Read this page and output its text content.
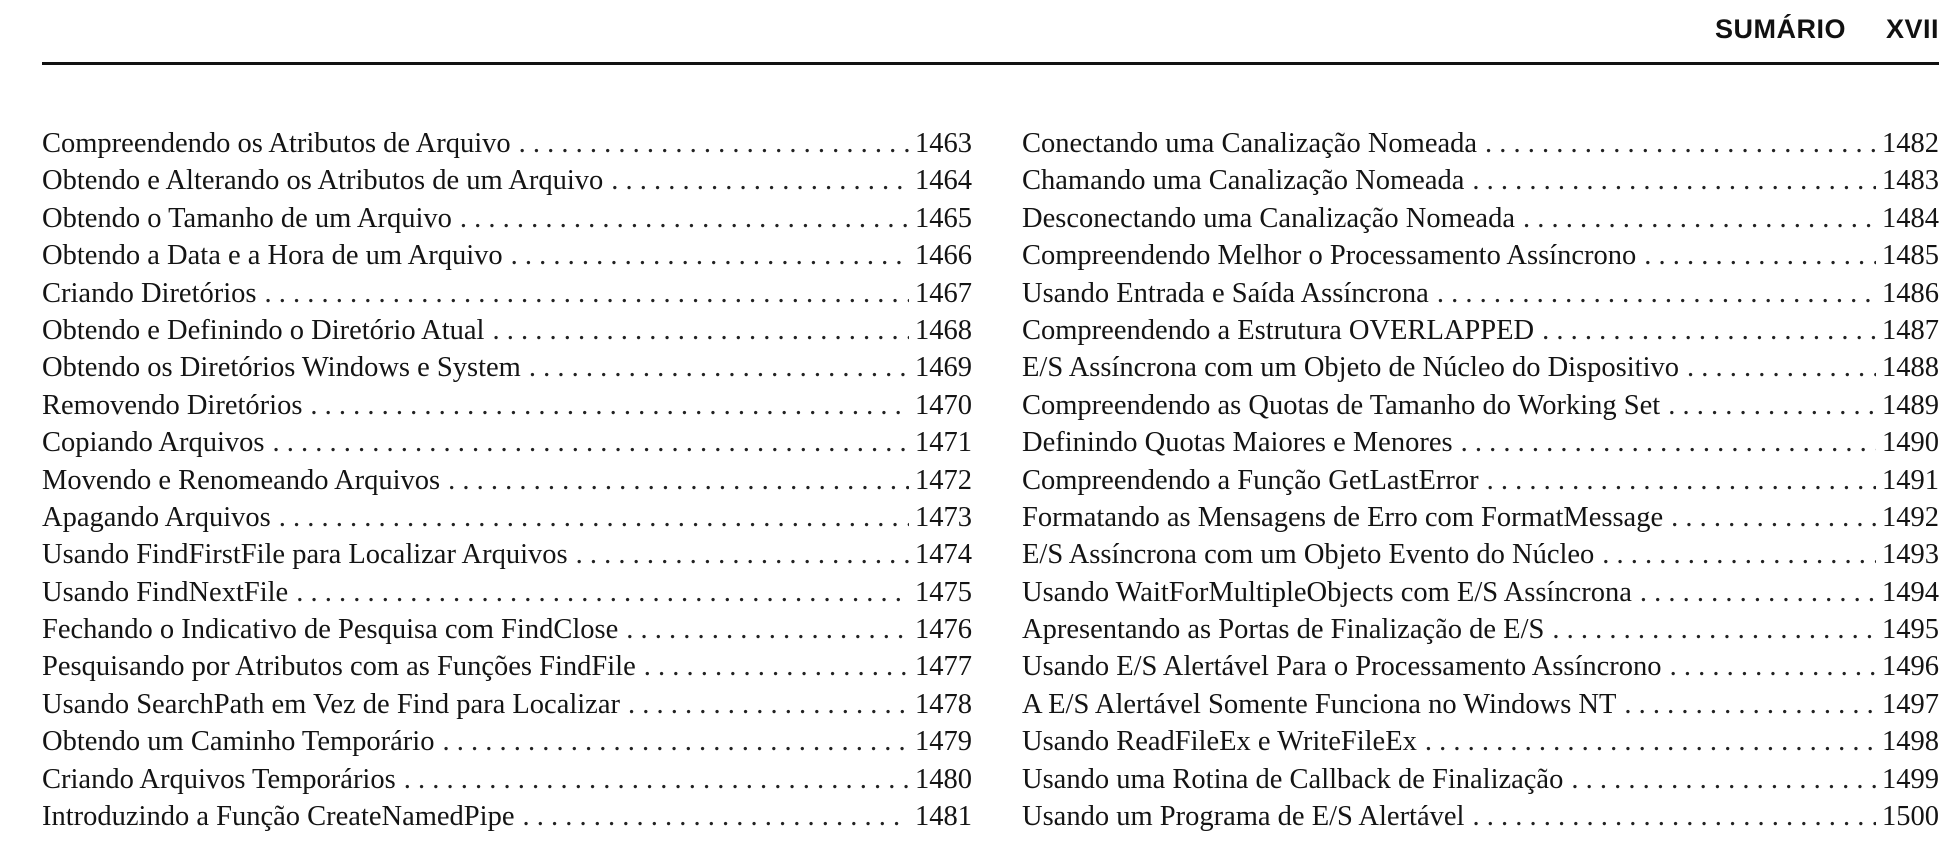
SUMÁRIO XVII
Compreendendo os Atributos de Arquivo . . .	1463
Obtendo e Alterando os Atributos de um Arquivo . . .	1464
Obtendo o Tamanho de um Arquivo . . .	1465
Obtendo a Data e a Hora de um Arquivo . . .	1466
Criando Diretórios . . .	1467
Obtendo e Definindo o Diretório Atual . . .	1468
Obtendo os Diretórios Windows e System . . .	1469
Removendo Diretórios . . .	1470
Copiando Arquivos . . .	1471
Movendo e Renomeando Arquivos . . .	1472
Apagando Arquivos . . .	1473
Usando FindFirstFile para Localizar Arquivos . . .	1474
Usando FindNextFile . . .	1475
Fechando o Indicativo de Pesquisa com FindClose . . .	1476
Pesquisando por Atributos com as Funções FindFile . . .	1477
Usando SearchPath em Vez de Find para Localizar . . .	1478
Obtendo um Caminho Temporário . . .	1479
Criando Arquivos Temporários . . .	1480
Introduzindo a Função CreateNamedPipe . . .	1481
Conectando uma Canalização Nomeada . . .	1482
Chamando uma Canalização Nomeada . . .	1483
Desconectando uma Canalização Nomeada . . .	1484
Compreendendo Melhor o Processamento Assíncrono . . .	1485
Usando Entrada e Saída Assíncrona . . .	1486
Compreendendo a Estrutura OVERLAPPED . . .	1487
E/S Assíncrona com um Objeto de Núcleo do Dispositivo . . .	1488
Compreendendo as Quotas de Tamanho do Working Set . . .	1489
Definindo Quotas Maiores e Menores . . .	1490
Compreendendo a Função GetLastError . . .	1491
Formatando as Mensagens de Erro com FormatMessage . . .	1492
E/S Assíncrona com um Objeto Evento do Núcleo . . .	1493
Usando WaitForMultipleObjects com E/S Assíncrona . . .	1494
Apresentando as Portas de Finalização de E/S . . .	1495
Usando E/S Alertável Para o Processamento Assíncrono . . .	1496
A E/S Alertável Somente Funciona no Windows NT . . .	1497
Usando ReadFileEx e WriteFileEx . . .	1498
Usando uma Rotina de Callback de Finalização . . .	1499
Usando um Programa de E/S Alertável . . .	1500
